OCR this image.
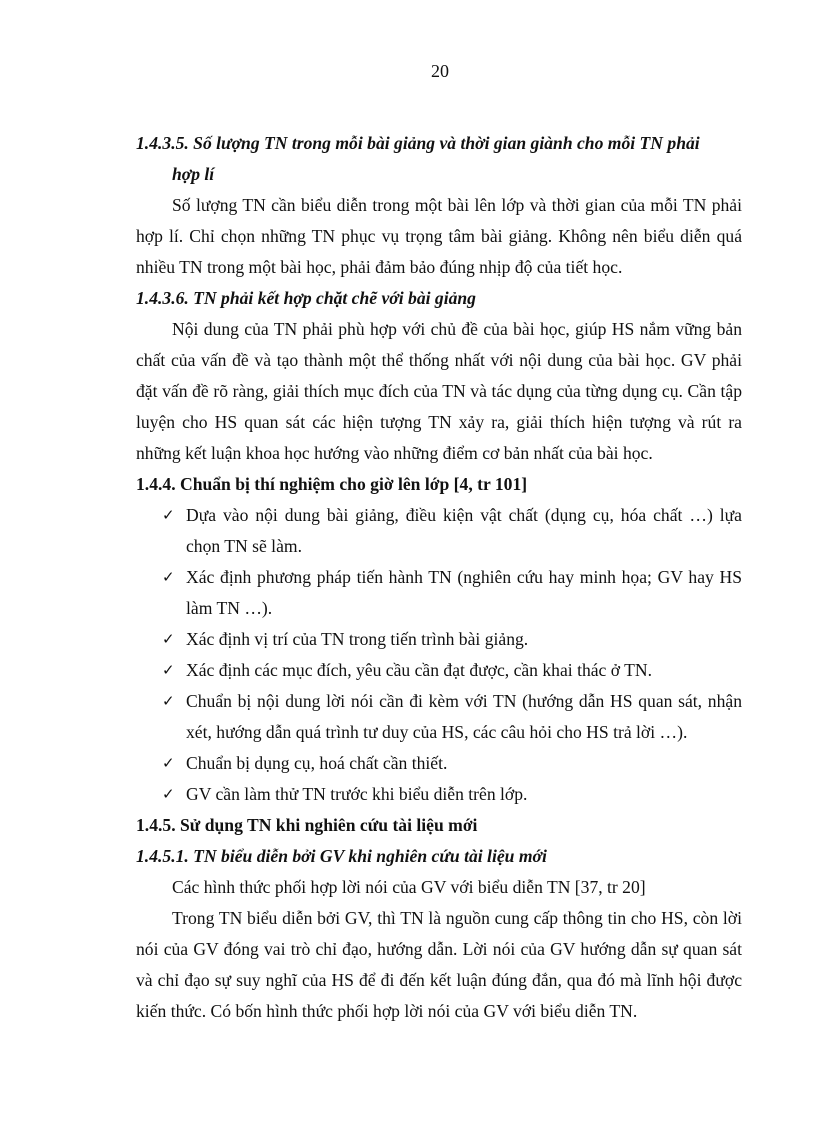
20

1.4.3.5. Số lượng TN trong mỗi bài giảng và thời gian giành cho mỗi TN phải

hợp lí

Số lượng TN cần biểu diễn trong một bài lên lớp và thời gian của mỗi TN phải hợp lí. Chỉ chọn những TN phục vụ trọng tâm bài giảng. Không nên biểu diễn quá nhiều TN trong một bài học, phải đảm bảo đúng nhịp độ của tiết học.

1.4.3.6. TN phải kết hợp chặt chẽ với bài giảng

Nội dung của TN phải phù hợp với chủ đề của bài học, giúp HS nắm vững bản chất của vấn đề và tạo thành một thể thống nhất với nội dung của bài học. GV phải đặt vấn đề rõ ràng, giải thích mục đích của TN và tác dụng của từng dụng cụ. Cần tập luyện cho HS quan sát các hiện tượng TN xảy ra, giải thích hiện tượng và rút ra những kết luận khoa học hướng vào những điểm cơ bản nhất của bài học.

1.4.4. Chuẩn bị thí nghiệm cho giờ lên lớp [4, tr 101]

✓ Dựa vào nội dung bài giảng, điều kiện vật chất (dụng cụ, hóa chất …) lựa chọn TN sẽ làm.
✓ Xác định phương pháp tiến hành TN (nghiên cứu hay minh họa; GV hay HS làm TN …).
✓ Xác định vị trí của TN trong tiến trình bài giảng.
✓ Xác định các mục đích, yêu cầu cần đạt được, cần khai thác ở TN.
✓ Chuẩn bị nội dung lời nói cần đi kèm với TN (hướng dẫn HS quan sát, nhận xét, hướng dẫn quá trình tư duy của HS, các câu hỏi cho HS trả lời …).
✓ Chuẩn bị dụng cụ, hoá chất cần thiết.
✓ GV cần làm thử TN trước khi biểu diễn trên lớp.

1.4.5. Sử dụng TN khi nghiên cứu tài liệu mới

1.4.5.1. TN biểu diễn bởi GV khi nghiên cứu tài liệu mới

Các hình thức phối hợp lời nói của GV với biểu diễn TN [37, tr 20]

Trong TN biểu diễn bởi GV, thì TN là nguồn cung cấp thông tin cho HS, còn lời nói của GV đóng vai trò chỉ đạo, hướng dẫn. Lời nói của GV hướng dẫn sự quan sát và chỉ đạo sự suy nghĩ của HS để đi đến kết luận đúng đắn, qua đó mà lĩnh hội được kiến thức. Có bốn hình thức phối hợp lời nói của GV với biểu diễn TN.
